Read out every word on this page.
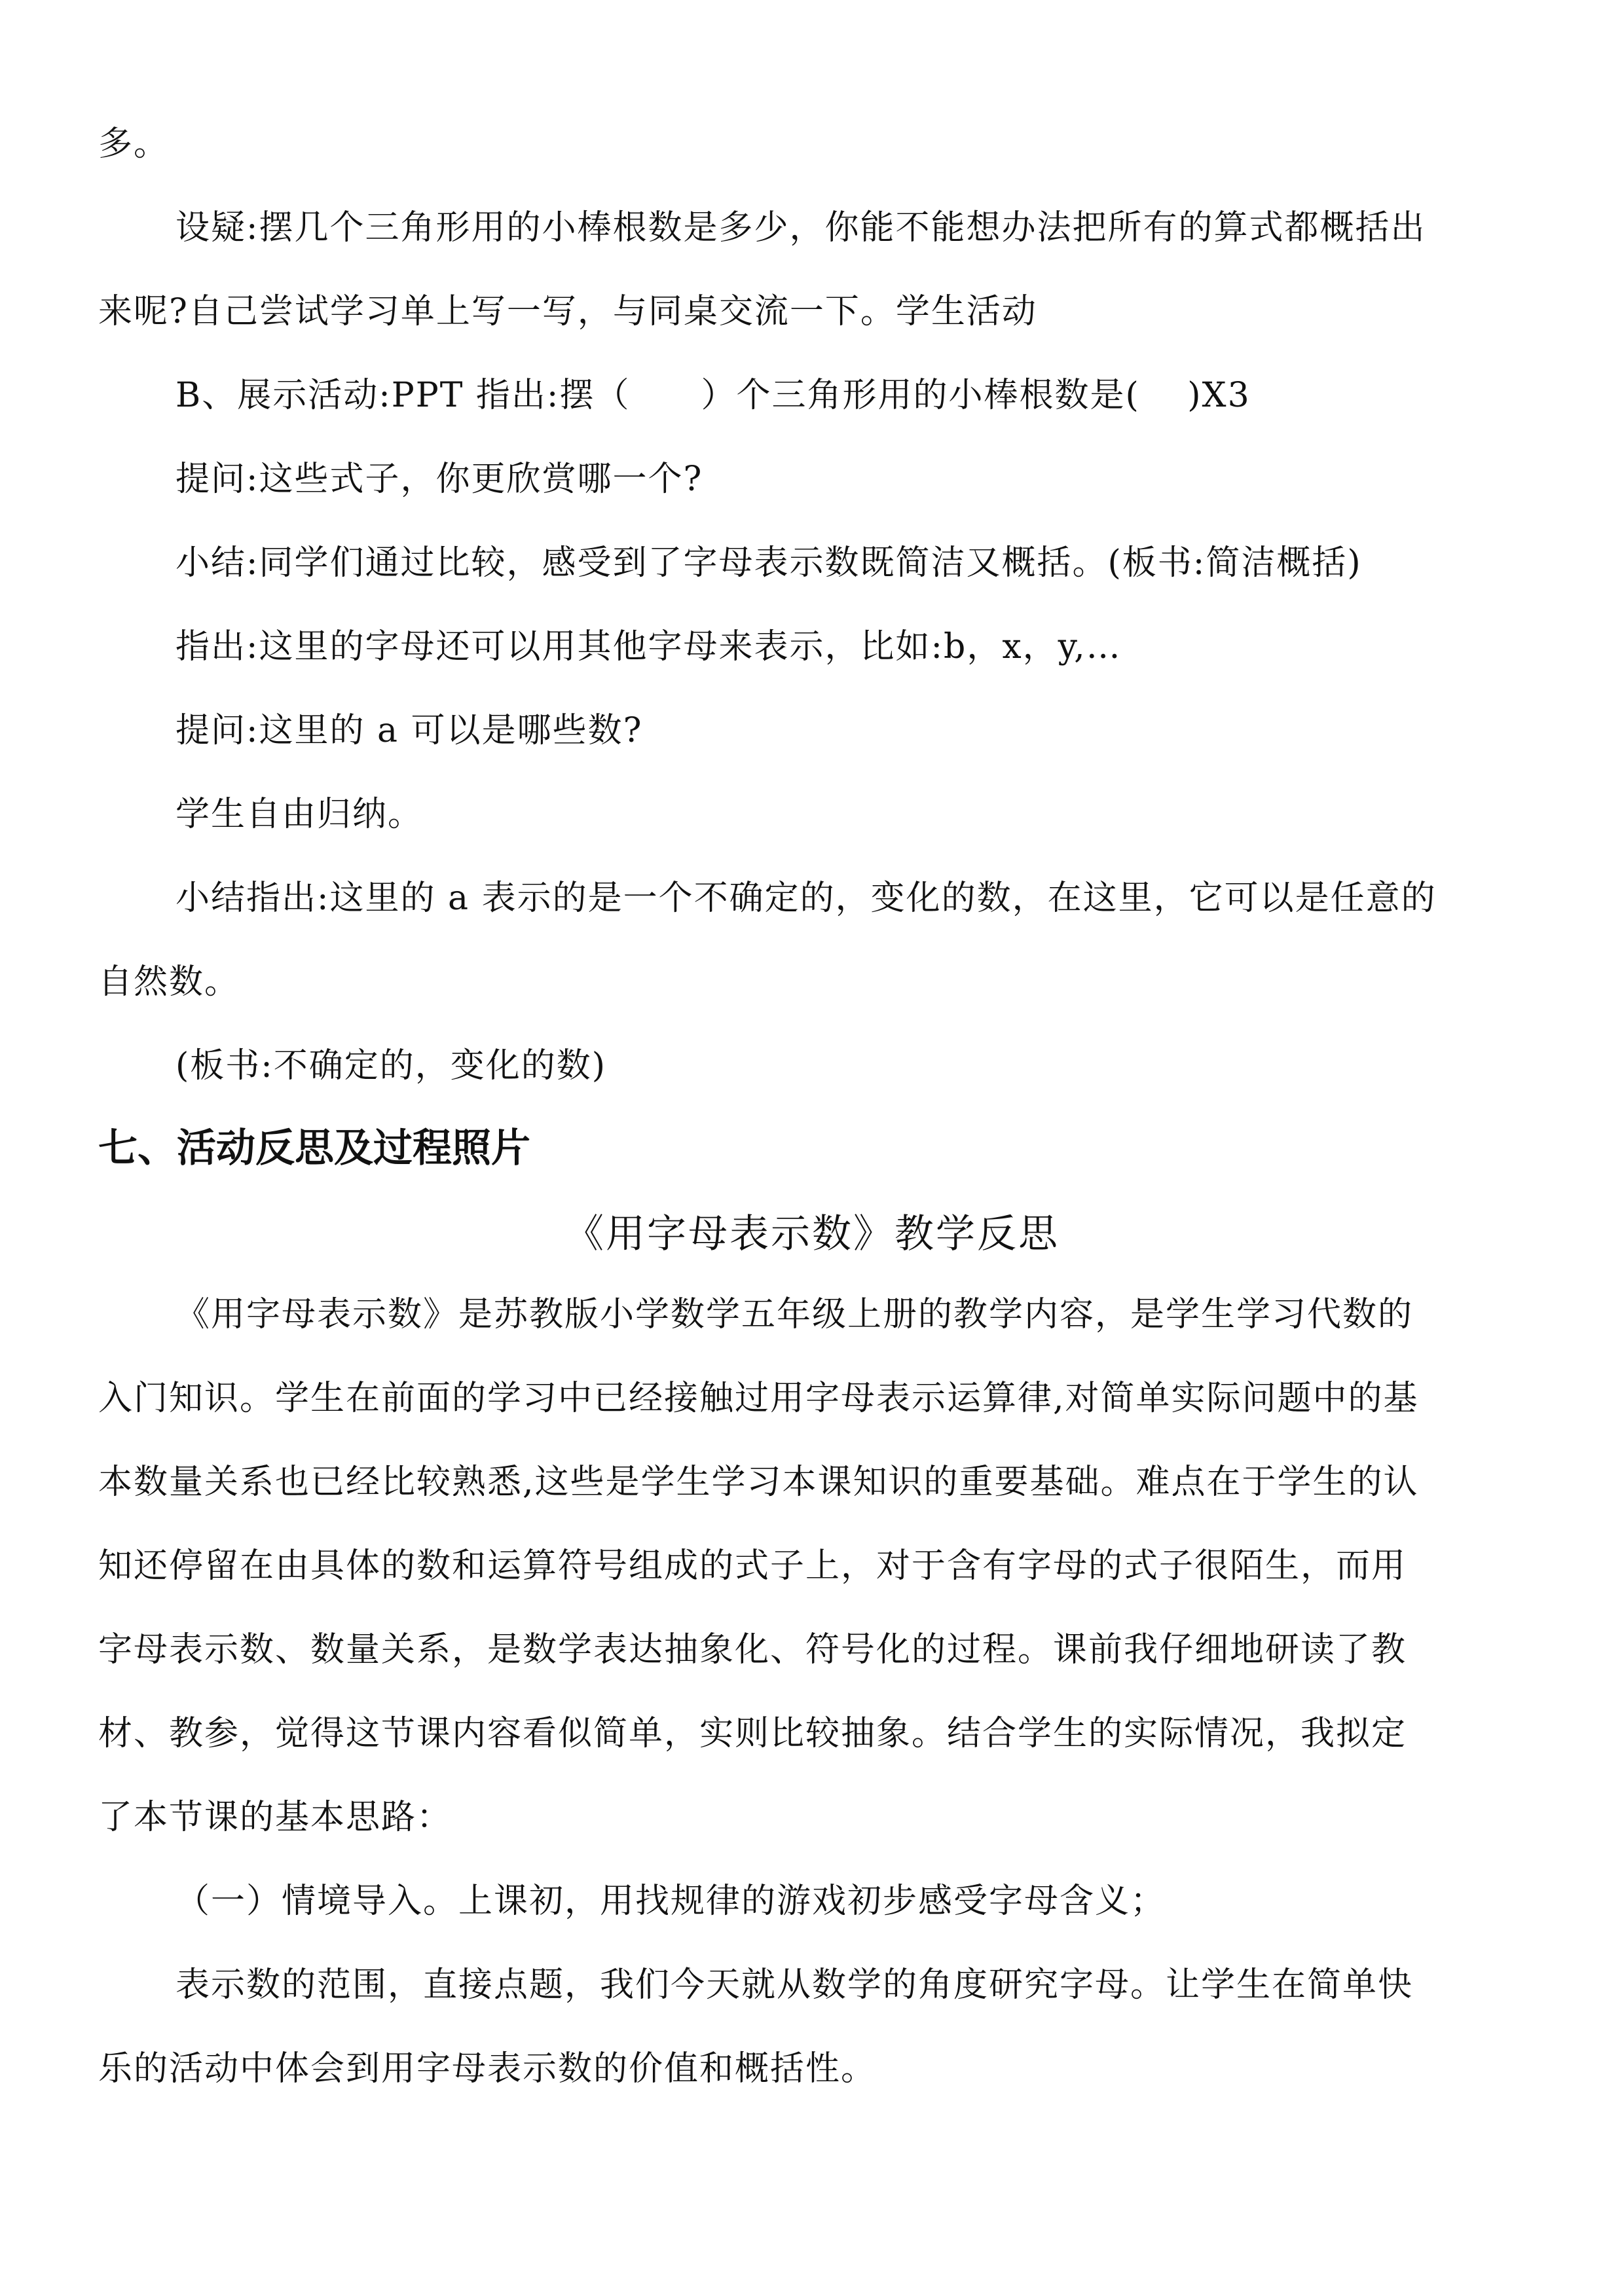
多。
设疑:摆几个三角形用的小棒根数是多少，你能不能想办法把所有的算式都概括出
来呢?自己尝试学习单上写一写，与同桌交流一下。学生活动
B、展示活动:PPT 指出:摆（　　）个三角形用的小棒根数是(　 )X3
提问:这些式子，你更欣赏哪一个?
小结:同学们通过比较，感受到了字母表示数既简洁又概括。(板书:简洁概括)
指出:这里的字母还可以用其他字母来表示，比如:b，x，y,…
提问:这里的 a 可以是哪些数?
学生自由归纳。
小结指出:这里的 a 表示的是一个不确定的，变化的数，在这里，它可以是任意的
自然数。
(板书:不确定的，变化的数)
七、活动反思及过程照片
《用字母表示数》教学反思
《用字母表示数》是苏教版小学数学五年级上册的教学内容，是学生学习代数的
入门知识。学生在前面的学习中已经接触过用字母表示运算律,对简单实际问题中的基
本数量关系也已经比较熟悉,这些是学生学习本课知识的重要基础。难点在于学生的认
知还停留在由具体的数和运算符号组成的式子上，对于含有字母的式子很陌生，而用
字母表示数、数量关系，是数学表达抽象化、符号化的过程。课前我仔细地研读了教
材、教参，觉得这节课内容看似简单，实则比较抽象。结合学生的实际情况，我拟定
了本节课的基本思路：
（一）情境导入。上课初，用找规律的游戏初步感受字母含义；
表示数的范围，直接点题，我们今天就从数学的角度研究字母。让学生在简单快
乐的活动中体会到用字母表示数的价值和概括性。
